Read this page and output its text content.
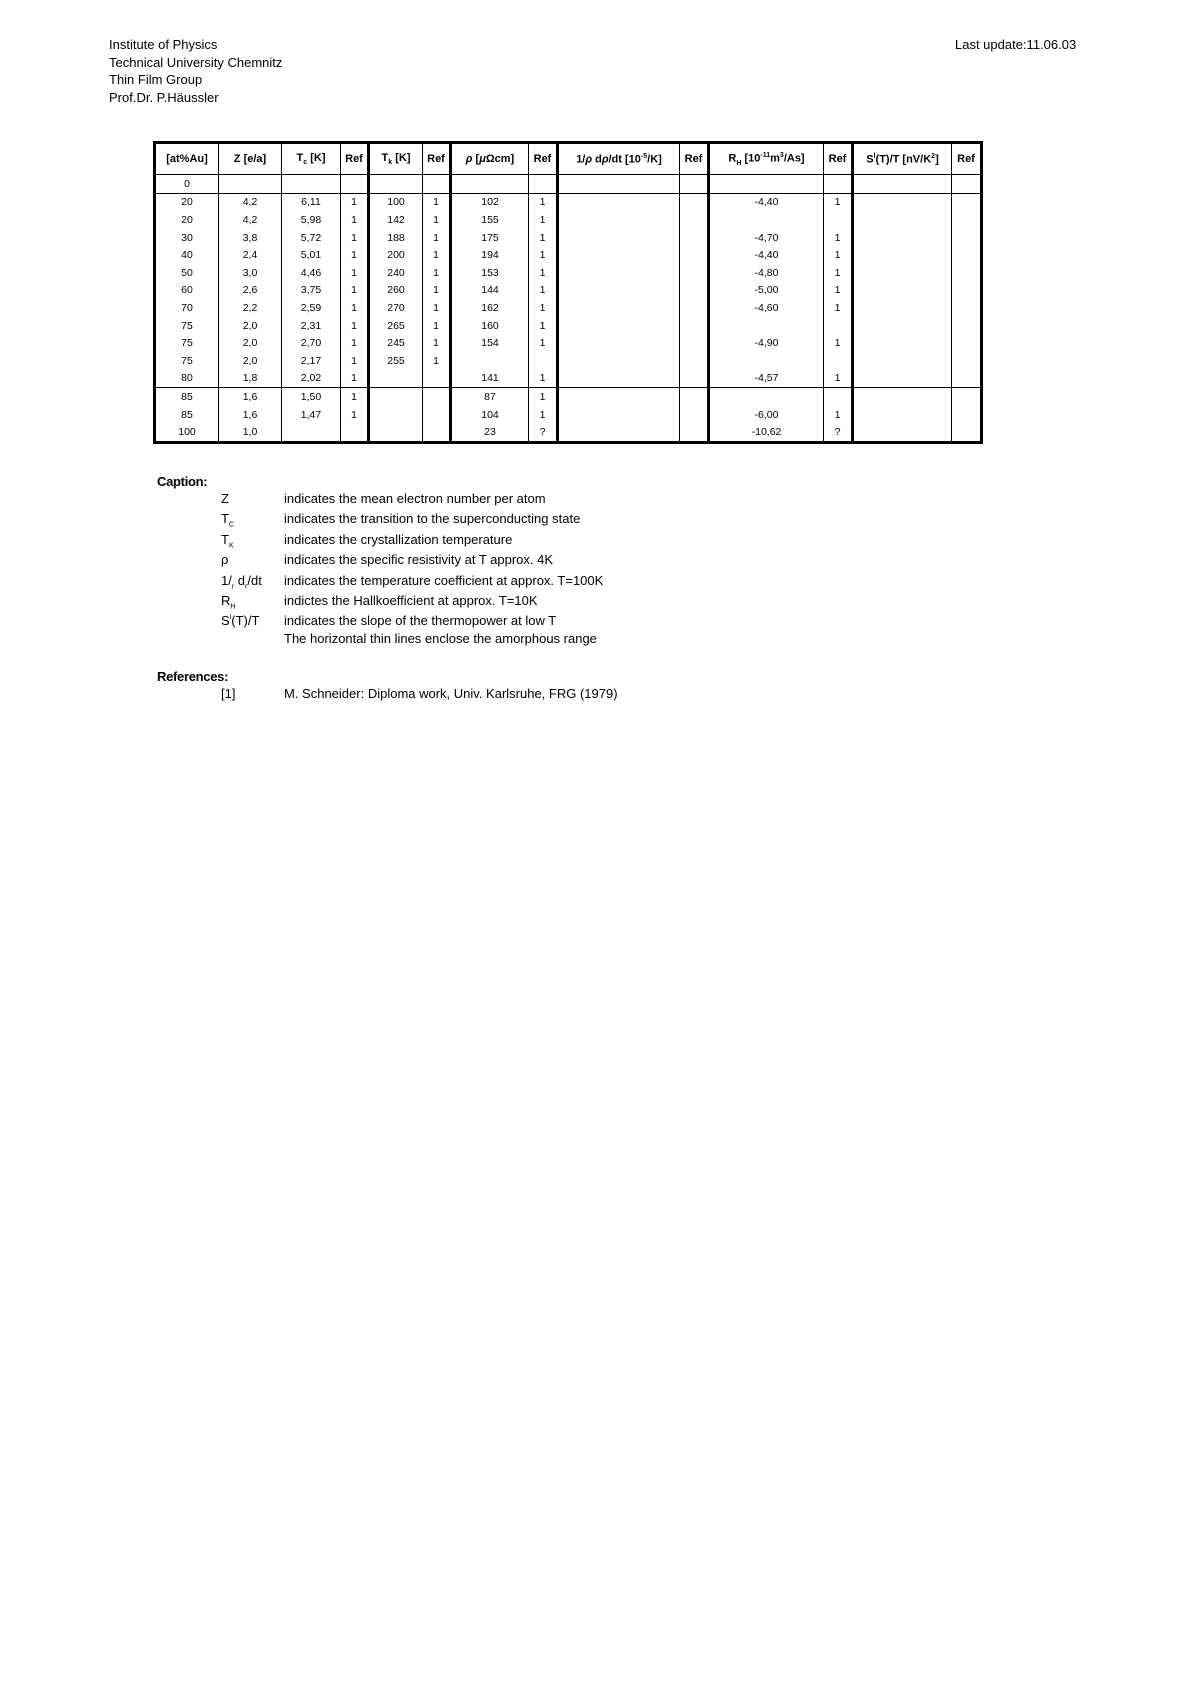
Institute of Physics
Technical University Chemnitz
Thin Film Group
Prof.Dr. P.Häussler
Last update:11.06.03
[at%Au]	Z [e/a]	$T_c$ [K]	Ref	$T_k$ [K]	Ref	ρ [μΩcm]	Ref	1/ρ dρ/dt $[10^{-5}/K]$	Ref	$R_H$ $[10^{-11}m^3/As]$	Ref	$S^l(T)/T$ $[nV/K^2]$	Ref
0													
20	4,2	6,11	1	100	1	102	1			-4,40	1		
20	4,2	5,98	1	142	1	155	1						
30	3,8	5,72	1	188	1	175	1			-4,70	1		
40	2,4	5,01	1	200	1	194	1			-4,40	1		
50	3,0	4,46	1	240	1	153	1			-4,80	1		
60	2,6	3,75	1	260	1	144	1			-5,00	1		
70	2,2	2,59	1	270	1	162	1			-4,60	1		
75	2,0	2,31	1	265	1	160	1						
75	2,0	2,70	1	245	1	154	1			-4,90	1		
75	2,0	2,17	1	255	1								
80	1,8	2,02	1			141	1			-4,57	1		
85	1,6	1,50	1			87	1						
85	1,6	1,47	1			104	1			-6,00	1		
100	1,0					23	?			-10,62	?		
Caption:
Z	indicates the mean electron number per atom
$T_C$	indicates the transition to the superconducting state
$T_K$	indicates the crystallization temperature
ρ	indicates the specific resistivity at T approx. 4K
$1/_r$ $d_r/dt$	indicates the temperature coefficient at approx. T=100K
$R_H$	indictes the Hallkoefficient at approx. T=10K
$S^l(T)/T$	indicates the slope of the thermopower at low T
The horizontal thin lines enclose the amorphous range
References:
[1]	M. Schneider: Diploma work, Univ. Karlsruhe, FRG (1979)
